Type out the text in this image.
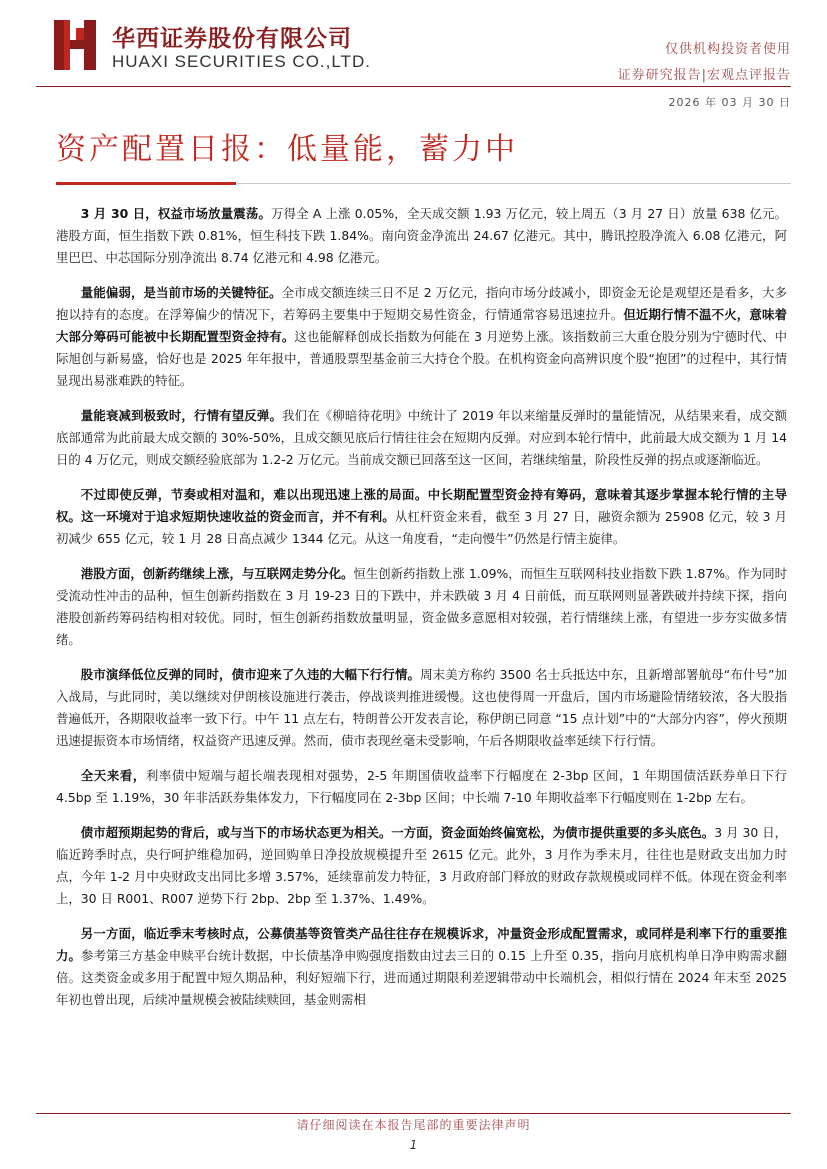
华西证券股份有限公司
HUAXI SECURITIES CO.,LTD.
仅供机构投资者使用
证券研究报告|宏观点评报告
2026 年 03 月 30 日
资产配置日报：低量能，蓄力中

3 月 30 日，权益市场放量震荡。万得全 A 上涨 0.05%，全天成交额 1.93 万亿元，较上周五（3 月 27 日）放量 638 亿元。港股方面，恒生指数下跌 0.81%，恒生科技下跌 1.84%。南向资金净流出 24.67 亿港元。其中，腾讯控股净流入 6.08 亿港元，阿里巴巴、中芯国际分别净流出 8.74 亿港元和 4.98 亿港元。

量能偏弱，是当前市场的关键特征。全市成交额连续三日不足 2 万亿元，指向市场分歧减小，即资金无论是观望还是看多，大多抱以持有的态度。在浮筹偏少的情况下，若筹码主要集中于短期交易性资金，行情通常容易迅速拉升。但近期行情不温不火，意味着大部分筹码可能被中长期配置型资金持有。这也能解释创成长指数为何能在 3 月逆势上涨。该指数前三大重仓股分别为宁德时代、中际旭创与新易盛，恰好也是 2025 年年报中，普通股票型基金前三大持仓个股。在机构资金向高辨识度个股“抱团”的过程中，其行情显现出易涨难跌的特征。

量能衰减到极致时，行情有望反弹。我们在《柳暗待花明》中统计了 2019 年以来缩量反弹时的量能情况，从结果来看，成交额底部通常为此前最大成交额的 30%-50%，且成交额见底后行情往往会在短期内反弹。对应到本轮行情中，此前最大成交额为 1 月 14 日的 4 万亿元，则成交额经验底部为 1.2-2 万亿元。当前成交额已回落至这一区间，若继续缩量，阶段性反弹的拐点或逐渐临近。

不过即使反弹，节奏或相对温和，难以出现迅速上涨的局面。中长期配置型资金持有筹码，意味着其逐步掌握本轮行情的主导权。这一环境对于追求短期快速收益的资金而言，并不有利。从杠杆资金来看，截至 3 月 27 日，融资余额为 25908 亿元，较 3 月初减少 655 亿元，较 1 月 28 日高点减少 1344 亿元。从这一角度看，“走向慢牛”仍然是行情主旋律。

港股方面，创新药继续上涨，与互联网走势分化。恒生创新药指数上涨 1.09%，而恒生互联网科技业指数下跌 1.87%。作为同时受流动性冲击的品种，恒生创新药指数在 3 月 19-23 日的下跌中，并未跌破 3 月 4 日前低，而互联网则显著跌破并持续下探，指向港股创新药筹码结构相对较优。同时，恒生创新药指数放量明显，资金做多意愿相对较强，若行情继续上涨，有望进一步夯实做多情绪。

股市演绎低位反弹的同时，债市迎来了久违的大幅下行行情。周末美方称约 3500 名士兵抵达中东，且新增部署航母“布什号”加入战局，与此同时，美以继续对伊朗核设施进行袭击，停战谈判推进缓慢。这也使得周一开盘后，国内市场避险情绪较浓，各大股指普遍低开，各期限收益率一致下行。中午 11 点左右，特朗普公开发表言论，称伊朗已同意 “15 点计划”中的“大部分内容”，停火预期迅速提振资本市场情绪，权益资产迅速反弹。然而，债市表现丝毫未受影响，午后各期限收益率延续下行行情。

全天来看，利率债中短端与超长端表现相对强势，2-5 年期国债收益率下行幅度在 2-3bp 区间，1 年期国债活跃券单日下行 4.5bp 至 1.19%，30 年非活跃券集体发力，下行幅度同在 2-3bp 区间；中长端 7-10 年期收益率下行幅度则在 1-2bp 左右。

债市超预期起势的背后，或与当下的市场状态更为相关。一方面，资金面始终偏宽松，为债市提供重要的多头底色。3 月 30 日，临近跨季时点，央行呵护维稳加码，逆回购单日净投放规模提升至 2615 亿元。此外，3 月作为季末月，往往也是财政支出加力时点，今年 1-2 月中央财政支出同比多增 3.57%，延续靠前发力特征，3 月政府部门释放的财政存款规模或同样不低。体现在资金利率上，30 日 R001、R007 逆势下行 2bp、2bp 至 1.37%、1.49%。

另一方面，临近季末考核时点，公募债基等资管类产品往往存在规模诉求，冲量资金形成配置需求，或同样是利率下行的重要推力。参考第三方基金申赎平台统计数据，中长债基净申购强度指数由过去三日的 0.15 上升至 0.35，指向月底机构单日净申购需求翻倍。这类资金或多用于配置中短久期品种，利好短端下行，进而通过期限利差逻辑带动中长端机会，相似行情在 2024 年末至 2025 年初也曾出现，后续冲量规模会被陆续赎回，基金则需相

请仔细阅读在本报告尾部的重要法律声明
1
